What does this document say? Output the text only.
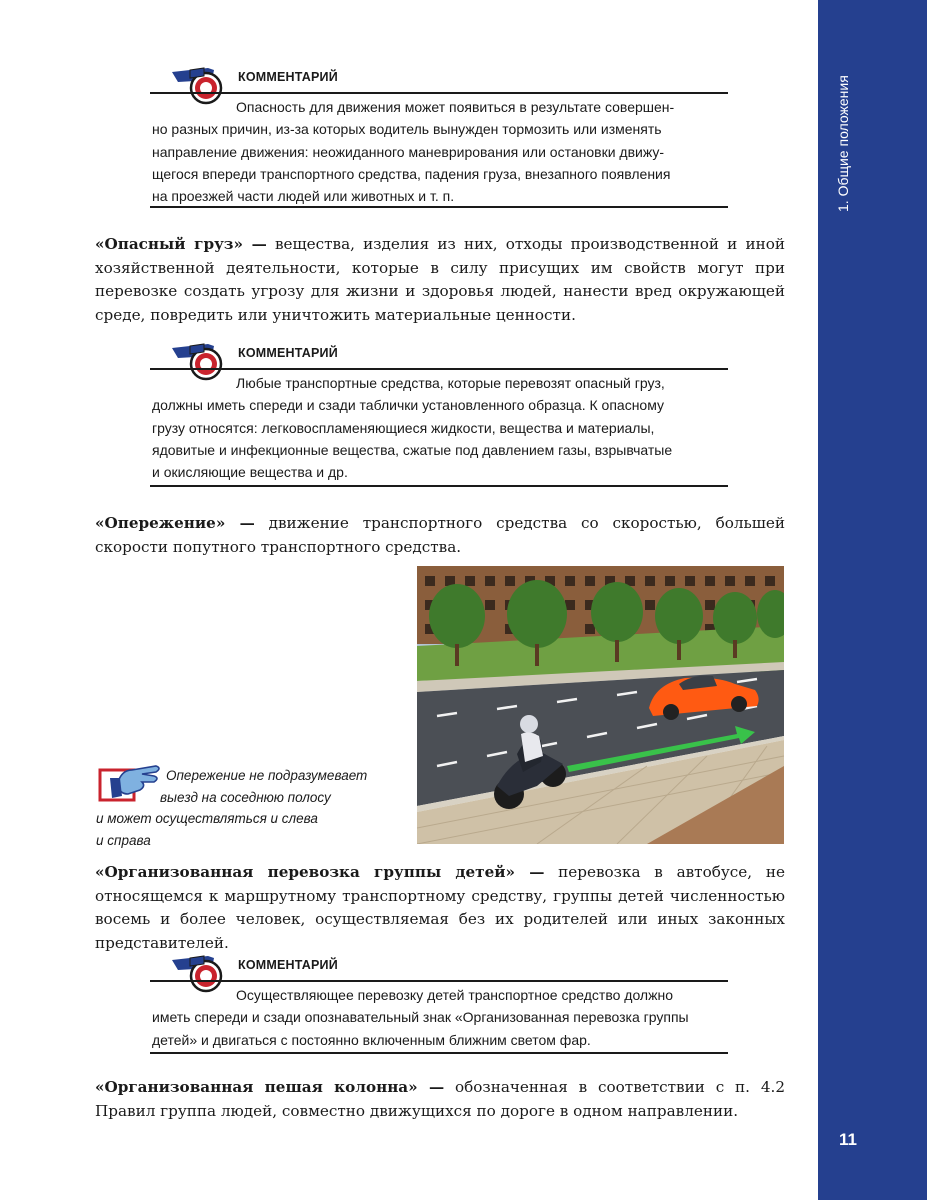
1. Общие положения
11
КОММЕНТАРИЙ
Опасность для движения может появиться в результате совершен-
но разных причин, из-за которых водитель вынужден тормозить или изменять
направление движения: неожиданного маневрирования или остановки движу-
щегося впереди транспортного средства, падения груза, внезапного появления
на проезжей части людей или животных и т. п.
«Опасный груз» — вещества, изделия из них, отходы производственной и иной хозяйственной деятельности, которые в силу присущих им свойств могут при перевозке создать угрозу для жизни и здоровья людей, нанести вред окружающей среде, повредить или уничтожить материальные ценности.
КОММЕНТАРИЙ
Любые транспортные средства, которые перевозят опасный груз,
должны иметь спереди и сзади таблички установленного образца. К опасному
грузу относятся: легковоспламеняющиеся жидкости, вещества и материалы,
ядовитые и инфекционные вещества, сжатые под давлением газы, взрывчатые
и окисляющие вещества и др.
«Опережение» — движение транспортного средства со скоростью, большей скорости попутного транспортного средства.
Опережение не подразумевает
выезд на соседнюю полосу
и может осуществляться и слева
и справа
«Организованная перевозка группы детей» — перевозка в автобусе, не относящемся к маршрутному транспортному средству, группы детей численностью восемь и более человек, осуществляемая без их родителей или иных законных представителей.
КОММЕНТАРИЙ
Осуществляющее перевозку детей транспортное средство должно
иметь спереди и сзади опознавательный знак «Организованная перевозка группы
детей» и двигаться с постоянно включенным ближним светом фар.
«Организованная пешая колонна» — обозначенная в соответствии с п. 4.2 Правил группа людей, совместно движущихся по дороге в одном направлении.
